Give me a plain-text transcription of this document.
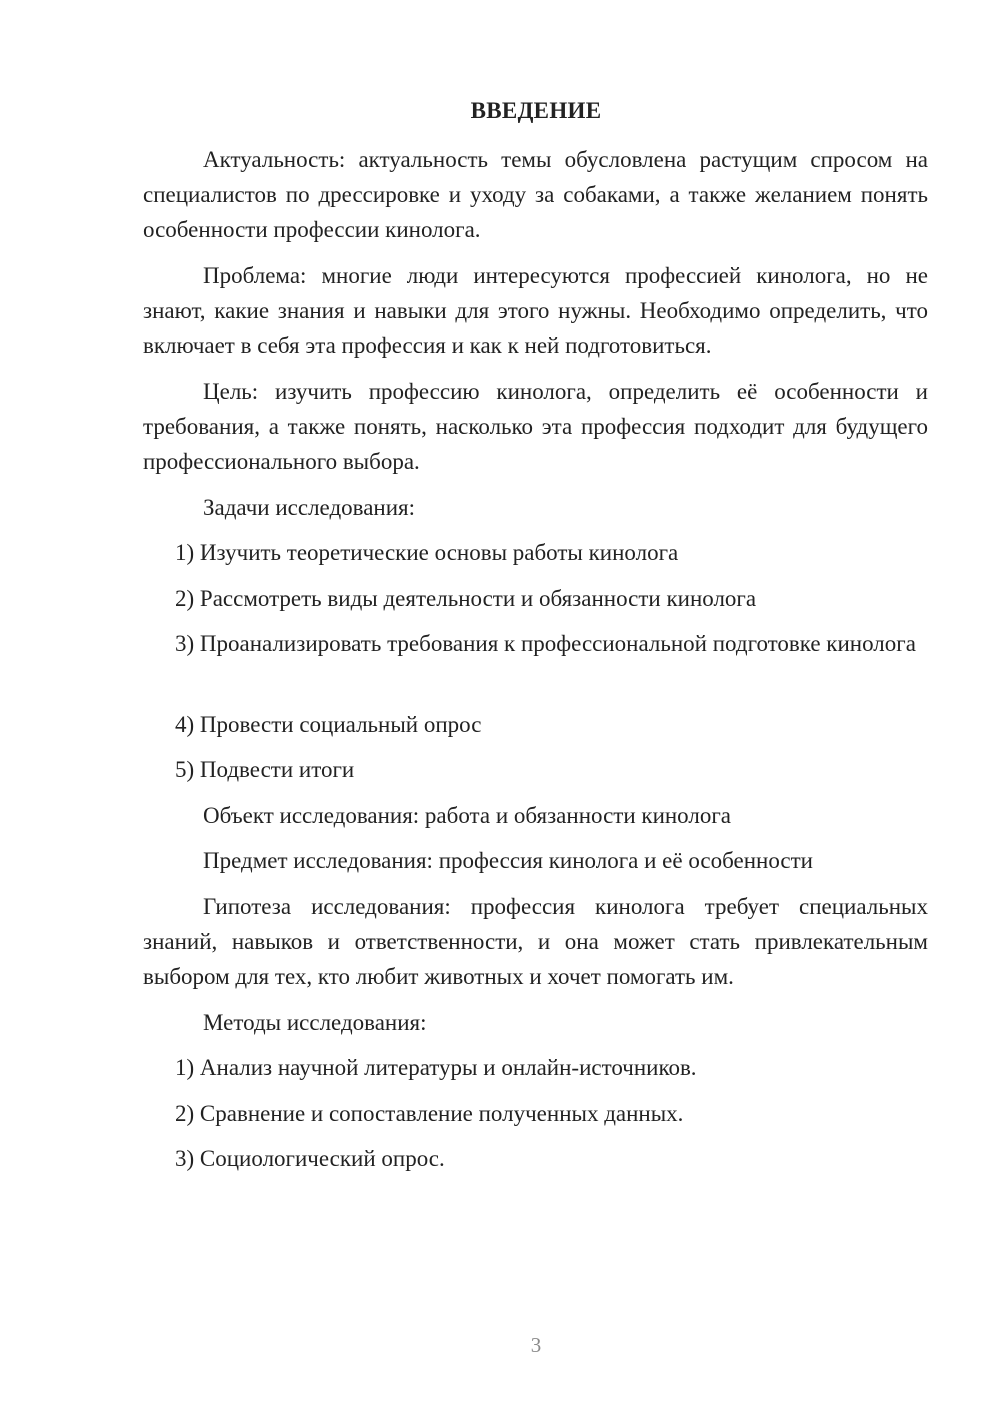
ВВЕДЕНИЕ
Актуальность: актуальность темы обусловлена растущим спросом на специалистов по дрессировке и уходу за собаками, а также желанием понять особенности профессии кинолога.
Проблема: многие люди интересуются профессией кинолога, но не знают, какие знания и навыки для этого нужны. Необходимо определить, что включает в себя эта профессия и как к ней подготовиться.
Цель: изучить профессию кинолога, определить её особенности и требования, а также понять, насколько эта профессия подходит для будущего профессионального выбора.
Задачи исследования:
1) Изучить теоретические основы работы кинолога
2) Рассмотреть виды деятельности и обязанности кинолога
3) Проанализировать требования к профессиональной подготовке кинолога
4) Провести социальный опрос
5) Подвести итоги
Объект исследования: работа и обязанности кинолога
Предмет исследования: профессия кинолога и её особенности
Гипотеза исследования: профессия кинолога требует специальных знаний, навыков и ответственности, и она может стать привлекательным выбором для тех, кто любит животных и хочет помогать им.
Методы исследования:
1) Анализ научной литературы и онлайн-источников.
2) Сравнение и сопоставление полученных данных.
3) Социологический опрос.
3
